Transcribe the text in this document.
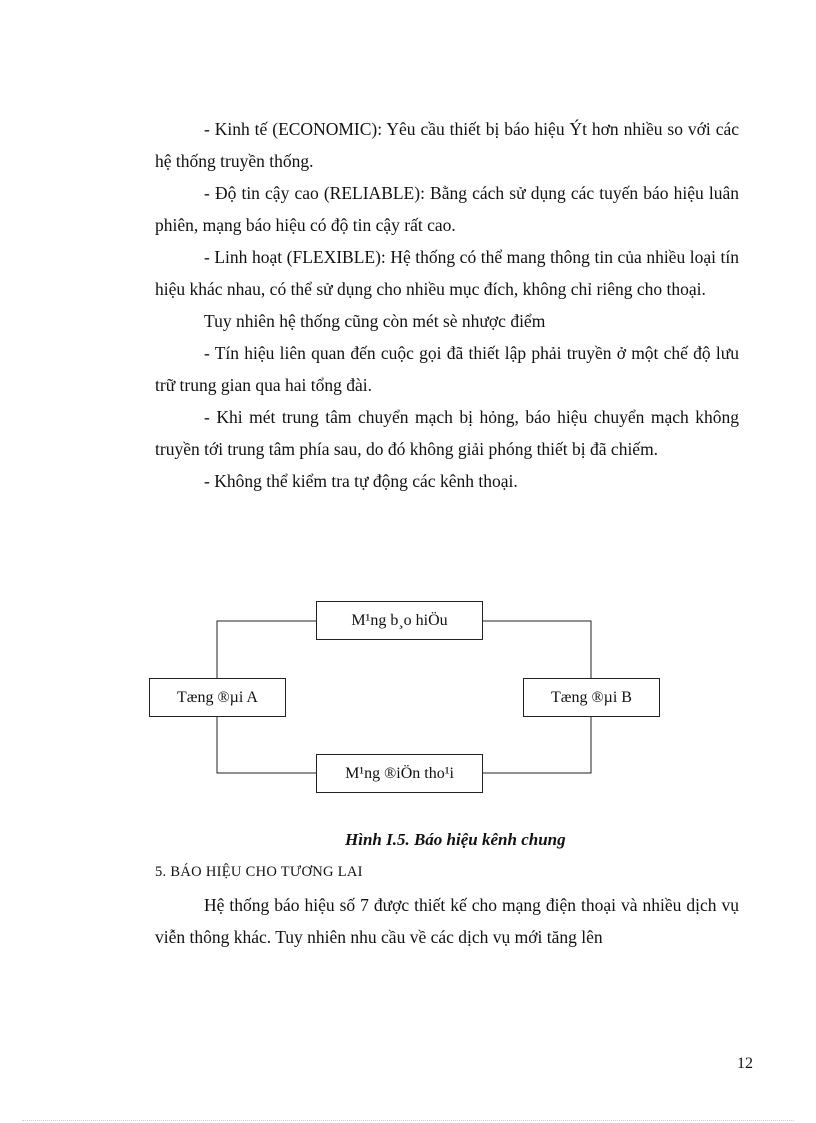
- Kinh tế (ECONOMIC): Yêu cầu thiết bị báo hiệu Ýt hơn nhiều so với các hệ thống truyền thống.

- Độ tin cậy cao (RELIABLE): Bằng cách sử dụng các tuyến báo hiệu luân phiên, mạng báo hiệu có độ tin cậy rất cao.

- Linh hoạt (FLEXIBLE): Hệ thống có thể mang thông tin của nhiều loại tín hiệu khác nhau, có thể sử dụng cho nhiều mục đích, không chỉ riêng cho thoại.

Tuy nhiên hệ thống cũng còn mét sè nhược điểm

- Tín hiệu liên quan đến cuộc gọi đã thiết lập phải truyền ở một chế độ lưu trữ trung gian qua hai tổng đài.

- Khi mét trung tâm chuyển mạch bị hỏng, báo hiệu chuyển mạch không truyền tới trung tâm phía sau, do đó không giải phóng thiết bị đã chiếm.

- Không thể kiểm tra tự động các kênh thoại.

M¹ng b¸o hiÖu
Tæng ®µi A	Tæng ®µi B
M¹ng ®iÖn tho¹i
Hình I.5. Báo hiệu kênh chung
5. BÁO HIỆU CHO TƯƠNG LAI

Hệ thống báo hiệu số 7 được thiết kế cho mạng điện thoại và nhiều dịch vụ viễn thông khác. Tuy nhiên nhu cầu về các dịch vụ mới tăng lên

12
